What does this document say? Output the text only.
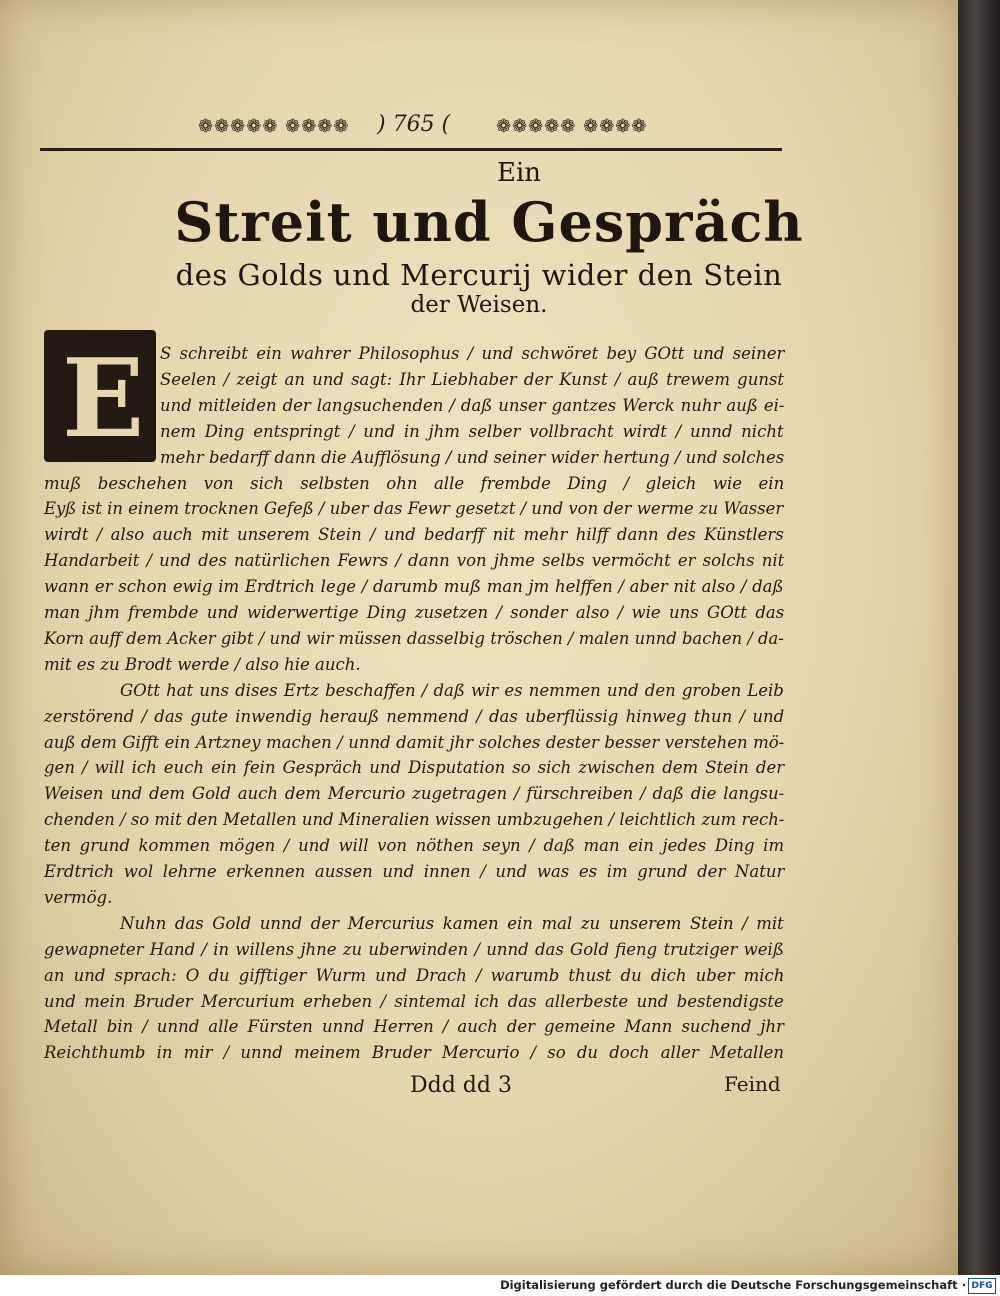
❁❁❁❁❁ ❁❁❁❁ ) 765 (	❁❁❁❁❁ ❁❁❁❁
Ein
Streit und Gespräch
des Golds und Mercurij wider den Stein
der Weisen.
E S schreibt ein wahrer Philosophus / und schwöret bey GOtt und seiner
Seelen / zeigt an und sagt: Ihr Liebhaber der Kunst / auß trewem gunst
und mitleiden der langsuchenden / daß unser gantzes Werck nuhr auß ei-
nem Ding entspringt / und in jhm selber vollbracht wirdt / unnd nicht
mehr bedarff dann die Aufflösung / und seiner wider hertung / und solches
muß beschehen von sich selbsten ohn alle frembde Ding / gleich wie ein
Eyß ist in einem trocknen Gefeß / uber das Fewr gesetzt / und von der werme zu Wasser
wirdt / also auch mit unserem Stein / und bedarff nit mehr hilff dann des Künstlers
Handarbeit / und des natürlichen Fewrs / dann von jhme selbs vermöcht er solchs nit
wann er schon ewig im Erdtrich lege / darumb muß man jm helffen / aber nit also / daß
man jhm frembde und widerwertige Ding zusetzen / sonder also / wie uns GOtt das
Korn auff dem Acker gibt / und wir müssen dasselbig tröschen / malen unnd bachen / da-
mit es zu Brodt werde / also hie auch.
GOtt hat uns dises Ertz beschaffen / daß wir es nemmen und den groben Leib
zerstörend / das gute inwendig herauß nemmend / das uberflüssig hinweg thun / und
auß dem Gifft ein Artzney machen / unnd damit jhr solches dester besser verstehen mö-
gen / will ich euch ein fein Gespräch und Disputation so sich zwischen dem Stein der
Weisen und dem Gold auch dem Mercurio zugetragen / fürschreiben / daß die langsu-
chenden / so mit den Metallen und Mineralien wissen umbzugehen / leichtlich zum rech-
ten grund kommen mögen / und will von nöthen seyn / daß man ein jedes Ding im
Erdtrich wol lehrne erkennen aussen und innen / und was es im grund der Natur
vermög.
Nuhn das Gold unnd der Mercurius kamen ein mal zu unserem Stein / mit
gewapneter Hand / in willens jhne zu uberwinden / unnd das Gold fieng trutziger weiß
an und sprach: O du gifftiger Wurm und Drach / warumb thust du dich uber mich
und mein Bruder Mercurium erheben / sintemal ich das allerbeste und bestendigste
Metall bin / unnd alle Fürsten unnd Herren / auch der gemeine Mann suchend jhr
Reichthumb in mir / unnd meinem Bruder Mercurio / so du doch aller Metallen
Ddd dd 3	Feind
Digitalisierung gefördert durch die Deutsche Forschungsgemeinschaft · DFG
